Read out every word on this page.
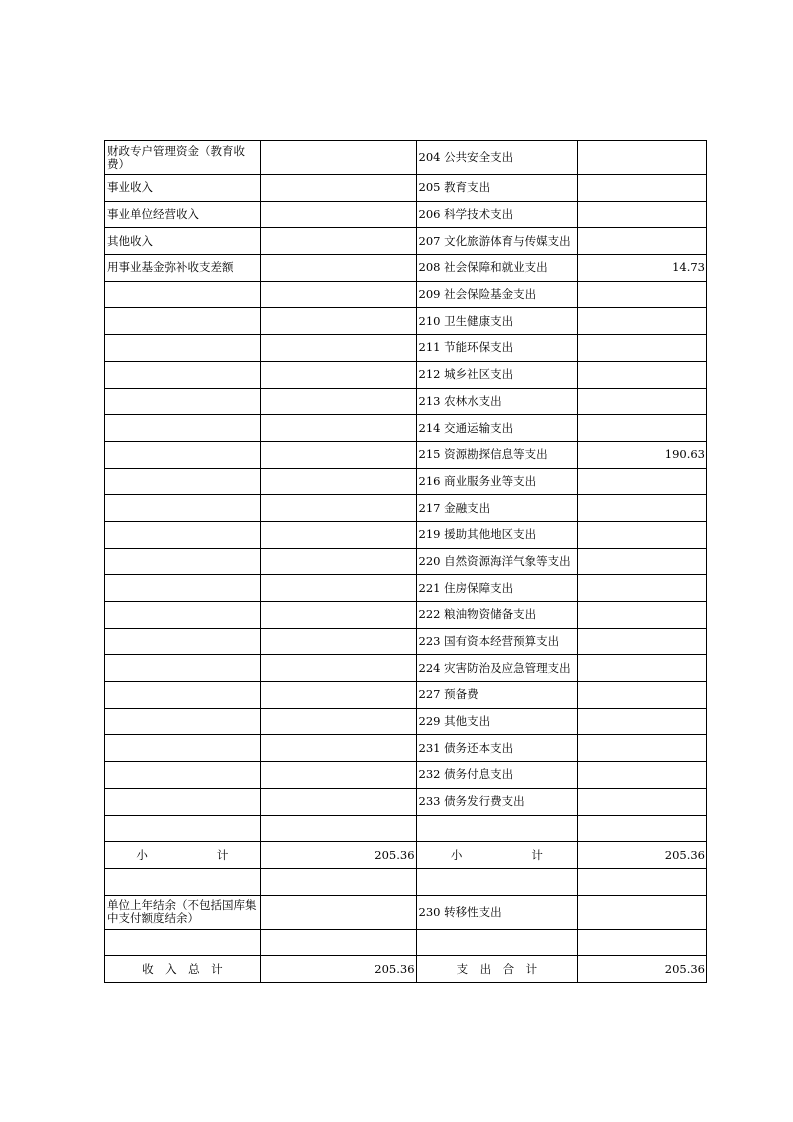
财政专户管理资金（教育收费）		204 公共安全支出	
事业收入		205 教育支出	
事业单位经营收入		206 科学技术支出	
其他收入		207 文化旅游体育与传媒支出	
用事业基金弥补收支差额		208 社会保障和就业支出	14.73
		209 社会保险基金支出	
		210 卫生健康支出	
		211 节能环保支出	
		212 城乡社区支出	
		213 农林水支出	
		214 交通运输支出	
		215 资源勘探信息等支出	190.63
		216 商业服务业等支出	
		217 金融支出	
		219 援助其他地区支出	
		220 自然资源海洋气象等支出	
		221 住房保障支出	
		222 粮油物资储备支出	
		223 国有资本经营预算支出	
		224 灾害防治及应急管理支出	
		227 预备费	
		229 其他支出	
		231 债务还本支出	
		232 债务付息支出	
		233 债务发行费支出	

小　　　　　　计	205.36	小　　　　　　计	205.36

单位上年结余（不包括国库集中支付额度结余）		230 转移性支出	

收　入　总　计	205.36	支　出　合　计	205.36
